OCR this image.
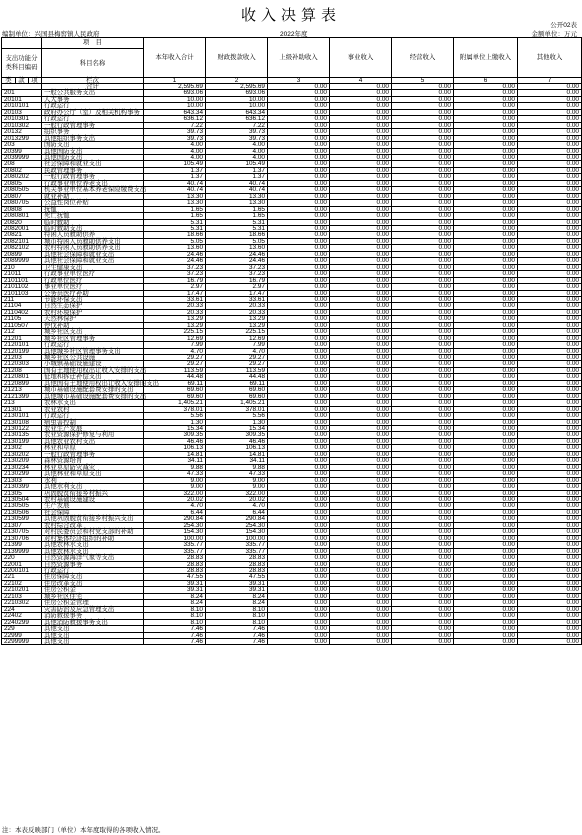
收入决算表
公开02表
编制单位：兴国县梅窖镇人民政府	2022年度	金额单位：万元
	项　目	本年收入合计	财政拨款收入	上级补助收入	事业收入	经营收入	附属单位上缴收入	其他收入
支出功能分类科目编码	科目名称							
类 款 项	栏次	1	2	3	4	5	6	7
	合计	2,595.69	2,595.69	0.00	0.00	0.00	0.00	0.00
201	一般公共服务支出	693.06	693.06	0.00	0.00	0.00	0.00	0.00
20101	人大事务	10.00	10.00	0.00	0.00	0.00	0.00	0.00
2010101	行政运行	10.00	10.00	0.00	0.00	0.00	0.00	0.00
20103	政府办公厅（室）及相关机构事务	643.34	643.34	0.00	0.00	0.00	0.00	0.00
2010301	行政运行	636.12	636.12	0.00	0.00	0.00	0.00	0.00
2010302	一般行政管理事务	7.22	7.22	0.00	0.00	0.00	0.00	0.00
20132	组织事务	39.73	39.73	0.00	0.00	0.00	0.00	0.00
2013299	其他组织事务支出	39.73	39.73	0.00	0.00	0.00	0.00	0.00
203	国防支出	4.00	4.00	0.00	0.00	0.00	0.00	0.00
20399	其他国防支出	4.00	4.00	0.00	0.00	0.00	0.00	0.00
2039999	其他国防支出	4.00	4.00	0.00	0.00	0.00	0.00	0.00
208	社会保障和就业支出	105.49	105.49	0.00	0.00	0.00	0.00	0.00
20802	民政管理事务	1.37	1.37	0.00	0.00	0.00	0.00	0.00
2080202	一般行政管理事务	1.37	1.37	0.00	0.00	0.00	0.00	0.00
20805	行政事业单位养老支出	40.74	40.74	0.00	0.00	0.00	0.00	0.00
2080505	机关事业单位基本养老保险缴费支出	40.74	40.74	0.00	0.00	0.00	0.00	0.00
20807	就业补助	13.30	13.30	0.00	0.00	0.00	0.00	0.00
2080705	公益性岗位补贴	13.30	13.30	0.00	0.00	0.00	0.00	0.00
20808	抚恤	1.65	1.65	0.00	0.00	0.00	0.00	0.00
2080801	死亡抚恤	1.65	1.65	0.00	0.00	0.00	0.00	0.00
20820	临时救助	5.31	5.31	0.00	0.00	0.00	0.00	0.00
2082001	临时救助支出	5.31	5.31	0.00	0.00	0.00	0.00	0.00
20821	特困人员救助供养	18.66	18.66	0.00	0.00	0.00	0.00	0.00
2082101	城市特困人员救助供养支出	5.05	5.05	0.00	0.00	0.00	0.00	0.00
2082102	农村特困人员救助供养支出	13.60	13.60	0.00	0.00	0.00	0.00	0.00
20899	其他社会保障和就业支出	24.46	24.46	0.00	0.00	0.00	0.00	0.00
2089999	其他社会保障和就业支出	24.46	24.46	0.00	0.00	0.00	0.00	0.00
210	卫生健康支出	37.23	37.23	0.00	0.00	0.00	0.00	0.00
21011	行政事业单位医疗	37.23	37.23	0.00	0.00	0.00	0.00	0.00
2101101	行政单位医疗	16.79	16.79	0.00	0.00	0.00	0.00	0.00
2101102	事业单位医疗	2.97	2.97	0.00	0.00	0.00	0.00	0.00
2101103	公务员医疗补助	17.47	17.47	0.00	0.00	0.00	0.00	0.00
211	节能环保支出	33.61	33.61	0.00	0.00	0.00	0.00	0.00
21104	自然生态保护	20.33	20.33	0.00	0.00	0.00	0.00	0.00
2110402	农村环境保护	20.33	20.33	0.00	0.00	0.00	0.00	0.00
21105	天然林保护	13.29	13.29	0.00	0.00	0.00	0.00	0.00
2110507	停伐补助	13.29	13.29	0.00	0.00	0.00	0.00	0.00
212	城乡社区支出	225.15	225.15	0.00	0.00	0.00	0.00	0.00
21201	城乡社区管理事务	12.69	12.69	0.00	0.00	0.00	0.00	0.00
2120101	行政运行	7.99	7.99	0.00	0.00	0.00	0.00	0.00
2120199	其他城乡社区管理事务支出	4.70	4.70	0.00	0.00	0.00	0.00	0.00
21203	城乡社区公共设施	29.27	29.27	0.00	0.00	0.00	0.00	0.00
2120303	小城镇基础设施建设	29.27	29.27	0.00	0.00	0.00	0.00	0.00
21208	国有土地使用权出让收入安排的支出	113.59	113.59	0.00	0.00	0.00	0.00	0.00
2120801	征地和拆迁补偿支出	44.48	44.48	0.00	0.00	0.00	0.00	0.00
2120899	其他国有土地使用权出让收入安排的支出	69.11	69.11	0.00	0.00	0.00	0.00	0.00
21213	城市基础设施配套费安排的支出	69.60	69.60	0.00	0.00	0.00	0.00	0.00
2121399	其他城市基础设施配套费安排的支出	69.60	69.60	0.00	0.00	0.00	0.00	0.00
213	农林水支出	1,405.21	1,405.21	0.00	0.00	0.00	0.00	0.00
21301	农业农村	378.01	378.01	0.00	0.00	0.00	0.00	0.00
2130101	行政运行	5.56	5.56	0.00	0.00	0.00	0.00	0.00
2130108	病虫害控制	1.30	1.30	0.00	0.00	0.00	0.00	0.00
2130122	农业生产发展	15.34	15.34	0.00	0.00	0.00	0.00	0.00
2130135	农业资源保护修复与利用	309.35	309.35	0.00	0.00	0.00	0.00	0.00
2130199	其他农业农村支出	46.46	46.46	0.00	0.00	0.00	0.00	0.00
21302	林业和草原	106.13	106.13	0.00	0.00	0.00	0.00	0.00
2130202	一般行政管理事务	14.81	14.81	0.00	0.00	0.00	0.00	0.00
2130209	森林资源培育	34.11	34.11	0.00	0.00	0.00	0.00	0.00
2130234	林业草原防灾减灾	9.88	9.88	0.00	0.00	0.00	0.00	0.00
2130299	其他林业和草原支出	47.33	47.33	0.00	0.00	0.00	0.00	0.00
21303	水利	9.00	9.00	0.00	0.00	0.00	0.00	0.00
2130399	其他水利支出	9.00	9.00	0.00	0.00	0.00	0.00	0.00
21305	巩固脱贫衔接乡村振兴	322.00	322.00	0.00	0.00	0.00	0.00	0.00
2130504	农村基础设施建设	20.02	20.02	0.00	0.00	0.00	0.00	0.00
2130505	生产发展	4.70	4.70	0.00	0.00	0.00	0.00	0.00
2130506	社会保障	6.44	6.44	0.00	0.00	0.00	0.00	0.00
2130599	其他巩固脱贫衔接乡村振兴支出	290.84	290.84	0.00	0.00	0.00	0.00	0.00
21307	农村综合改革	254.30	254.30	0.00	0.00	0.00	0.00	0.00
2130705	对村民委员会和村党支部的补助	154.30	154.30	0.00	0.00	0.00	0.00	0.00
2130706	对村集体经济组织的补助	100.00	100.00	0.00	0.00	0.00	0.00	0.00
21399	其他农林水支出	335.77	335.77	0.00	0.00	0.00	0.00	0.00
2139999	其他农林水支出	335.77	335.77	0.00	0.00	0.00	0.00	0.00
220	自然资源海洋气象等支出	28.83	28.83	0.00	0.00	0.00	0.00	0.00
22001	自然资源事务	28.83	28.83	0.00	0.00	0.00	0.00	0.00
2200101	行政运行	28.83	28.83	0.00	0.00	0.00	0.00	0.00
221	住房保障支出	47.55	47.55	0.00	0.00	0.00	0.00	0.00
22102	住房改革支出	39.31	39.31	0.00	0.00	0.00	0.00	0.00
2210201	住房公积金	39.31	39.31	0.00	0.00	0.00	0.00	0.00
22103	城乡社区住宅	8.24	8.24	0.00	0.00	0.00	0.00	0.00
2210302	住房公积金管理	8.24	8.24	0.00	0.00	0.00	0.00	0.00
224	灾害防治及应急管理支出	8.10	8.10	0.00	0.00	0.00	0.00	0.00
22402	消防救援事务	8.10	8.10	0.00	0.00	0.00	0.00	0.00
2240299	其他消防救援事务支出	8.10	8.10	0.00	0.00	0.00	0.00	0.00
229	其他支出	7.46	7.46	0.00	0.00	0.00	0.00	0.00
22999	其他支出	7.46	7.46	0.00	0.00	0.00	0.00	0.00
2299999	其他支出	7.46	7.46	0.00	0.00	0.00	0.00	0.00
注：本表反映部门（单位）本年度取得的各项收入情况。
